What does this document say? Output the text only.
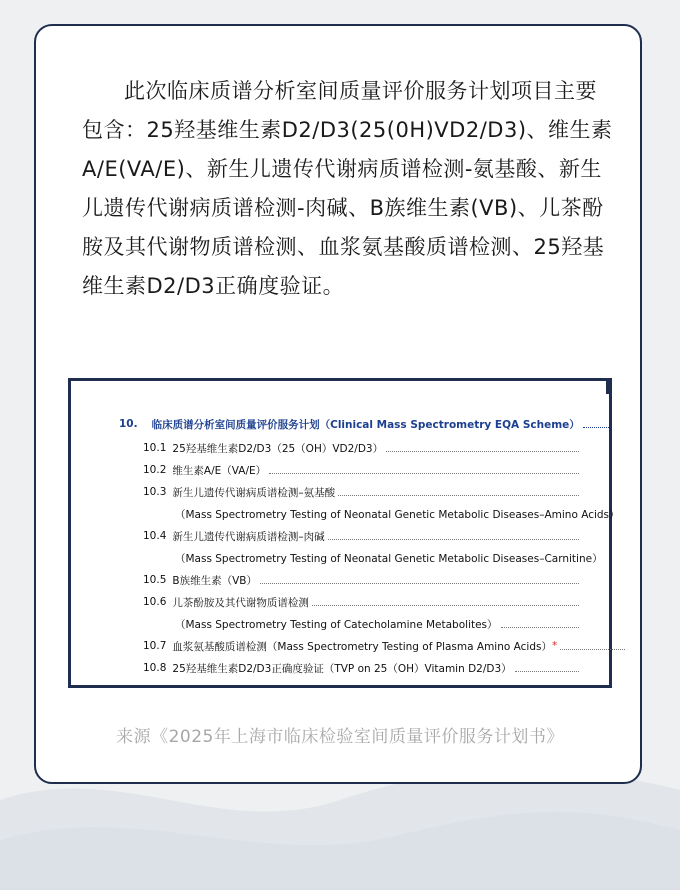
此次临床质谱分析室间质量评价服务计划项目主要包含：25羟基维生素D2/D3(25(0H)VD2/D3)、维生素A/E(VA/E)、新生儿遗传代谢病质谱检测-氨基酸、新生儿遗传代谢病质谱检测-肉碱、B族维生素(VB)、儿茶酚胺及其代谢物质谱检测、血浆氨基酸质谱检测、25羟基维生素D2/D3正确度验证。

10. 临床质谱分析室间质量评价服务计划（Clinical Mass Spectrometry EQA Scheme）
10.1 25羟基维生素D2/D3（25（OH）VD2/D3）
10.2 维生素A/E（VA/E）
10.3 新生儿遗传代谢病质谱检测–氨基酸
（Mass Spectrometry Testing of Neonatal Genetic Metabolic Diseases–Amino Acids）
10.4 新生儿遗传代谢病质谱检测–肉碱
（Mass Spectrometry Testing of Neonatal Genetic Metabolic Diseases–Carnitine）
10.5 B族维生素（VB）
10.6 儿茶酚胺及其代谢物质谱检测
（Mass Spectrometry Testing of Catecholamine Metabolites）
10.7 血浆氨基酸质谱检测（Mass Spectrometry Testing of Plasma Amino Acids） *
10.8 25羟基维生素D2/D3正确度验证（TVP on 25（OH）Vitamin D2/D3）
来源《2025年上海市临床检验室间质量评价服务计划书》
